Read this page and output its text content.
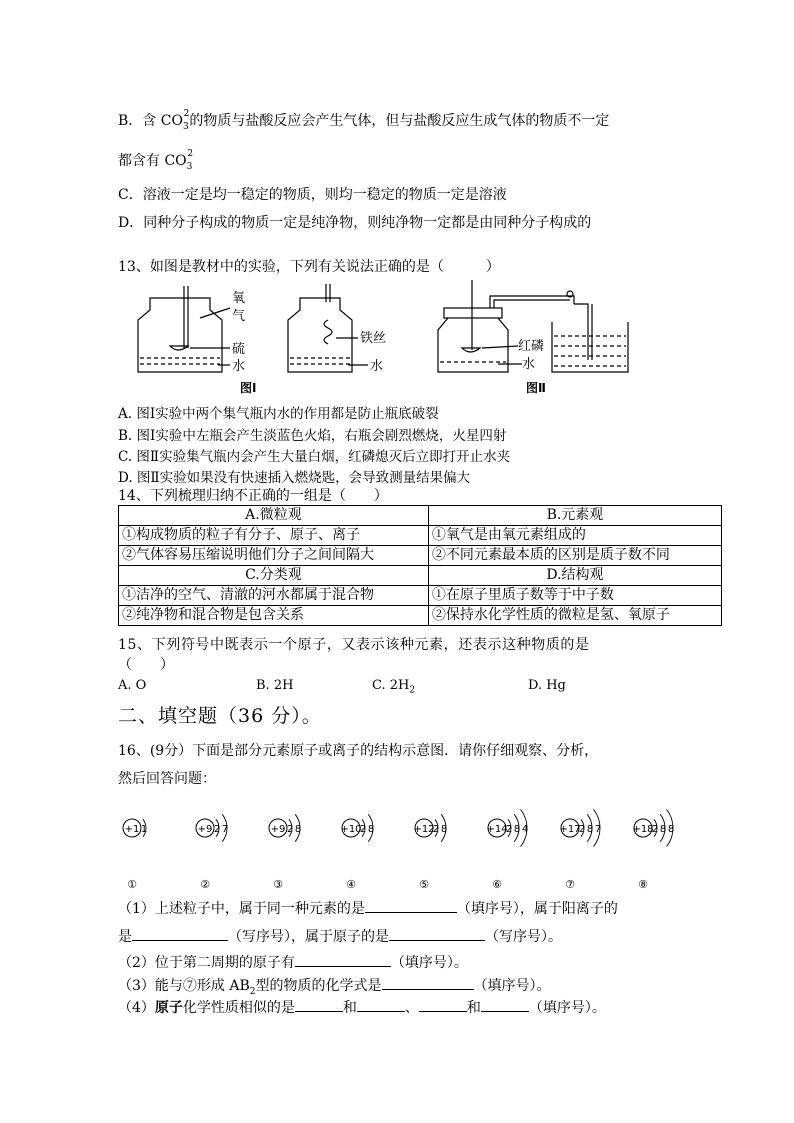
B．含 $CO_3^2$的物质与盐酸反应会产生气体，但与盐酸反应生成气体的物质不一定
都含有 $CO_3^2$
C．溶液一定是均一稳定的物质，则均一稳定的物质一定是溶液
D．同种分子构成的物质一定是纯净物，则纯净物一定都是由同种分子构成的
13、如图是教材中的实验，下列有关说法正确的是（　　　）
氧
气
硫
水
铁丝
水
图Ⅰ
红磷
水
图Ⅱ
A. 图Ⅰ实验中两个集气瓶内水的作用都是防止瓶底破裂
B. 图Ⅰ实验中左瓶会产生淡蓝色火焰，右瓶会剧烈燃烧，火星四射
C. 图Ⅱ实验集气瓶内会产生大量白烟，红磷熄灭后立即打开止水夹
D. 图Ⅱ实验如果没有快速插入燃烧匙，会导致测量结果偏大
14、下列梳理归纳不正确的一组是（　　）
A.微粒观	B.元素观
①构成物质的粒子有分子、原子、离子	①氧气是由氧元素组成的
②气体容易压缩说明他们分子之间间隔大	②不同元素最本质的区别是质子数不同
C.分类观	D.结构观
①洁净的空气、清澈的河水都属于混合物	①在原子里质子数等于中子数
②纯净物和混合物是包含关系	②保持水化学性质的微粒是氢、氧原子
15、下列符号中既表示一个原子，又表示该种元素，还表示这种物质的是
（　　）
A. O	B. 2H	C. $2H_2$	D. Hg
二、填空题（36 分）。
16、(9分）下面是部分元素原子或离子的结构示意图．请你仔细观察、分析，
然后回答问题：
+1 1
①
+9 2 7
②
+9 2 8
③
+10
2 8
④
+12
2 8
⑤
+14
2 8 4
⑥
+17
2 8 7
⑦
+18
2 8 8
⑧
（1）上述粒子中，属于同一种元素的是	（填序号），属于阳离子的
是	（写序号），属于原子的是	（写序号）。
（2）位于第二周期的原子有	（填序号）。
（3）能与⑦形成 $AB_2$型的物质的化学式是	（填序号）。
（4）原子化学性质相似的是	和	、	和	（填序号）。
